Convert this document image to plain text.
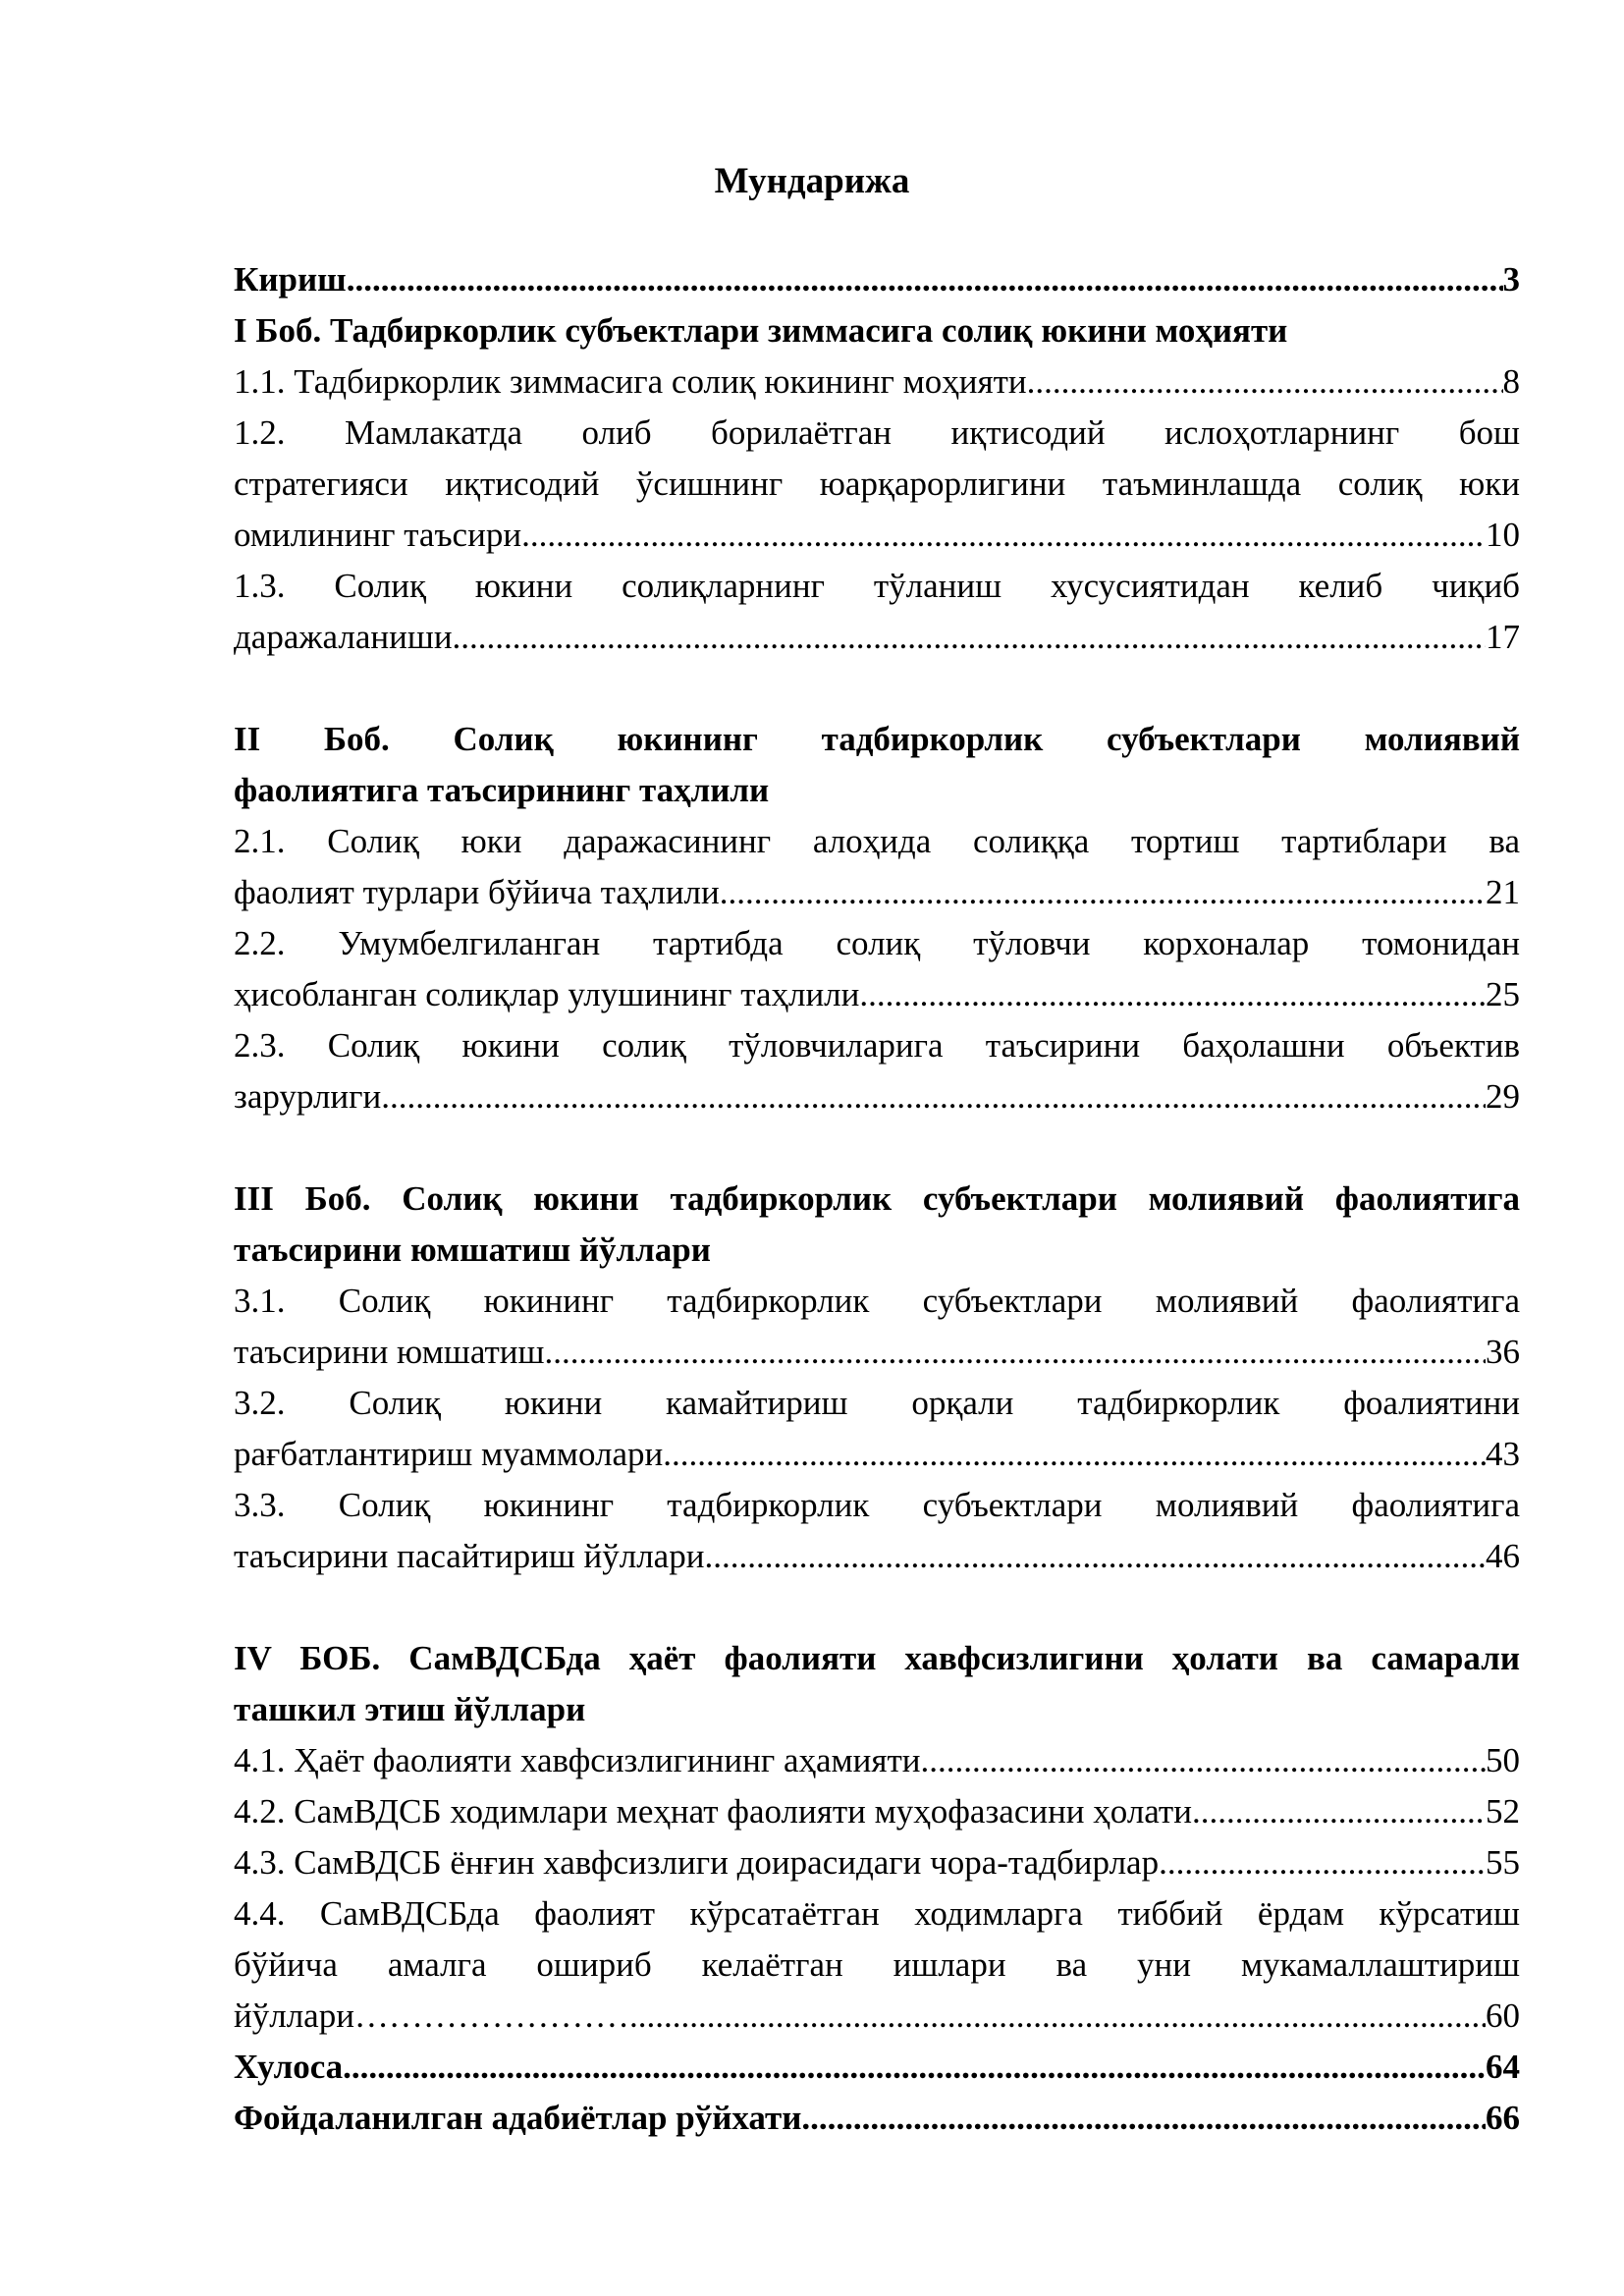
Мундарижа
Кириш .....	3
I Боб. Тадбиркорлик субъектлари зиммасига солиқ юкини моҳияти
1.1. Тадбиркорлик зиммасига солиқ юкининг моҳияти .....	8
1.2. Мамлакатда олиб борилаётган иқтисодий ислоҳотларнинг бош
стратегияси иқтисодий ўсишнинг юарқарорлигини таъминлашда солиқ юки
омилининг таъсири .....	10
1.3. Солиқ юкини солиқларнинг тўланиш хусусиятидан келиб чиқиб
даражаланиши .....	17
II Боб. Солиқ юкининг тадбиркорлик субъектлари молиявий
фаолиятига таъсирининг таҳлили
2.1. Солиқ юки даражасининг алоҳида солиққа тортиш тартиблари ва
фаолият турлари бўйича таҳлили .....	21
2.2. Умумбелгиланган тартибда солиқ тўловчи корхоналар томонидан
ҳисобланган солиқлар улушининг таҳлили .....	25
2.3. Солиқ юкини солиқ тўловчиларига таъсирини баҳолашни объектив
зарурлиги .....	29
III Боб. Солиқ юкини тадбиркорлик субъектлари молиявий фаолиятига
таъсирини юмшатиш йўллари
3.1. Солиқ юкининг тадбиркорлик субъектлари молиявий фаолиятига
таъсирини юмшатиш .....	36
3.2. Солиқ юкини камайтириш орқали тадбиркорлик фоалиятини
рағбатлантириш муаммолари .....	43
3.3. Солиқ юкининг тадбиркорлик субъектлари молиявий фаолиятига
таъсирини пасайтириш йўллари .....	46
IV БОБ. СамВДСБда ҳаёт фаолияти хавфсизлигини ҳолати ва самарали
ташкил этиш йўллари
4.1. Ҳаёт фаолияти хавфсизлигининг аҳамияти .....	50
4.2. СамВДСБ ходимлари меҳнат фаолияти муҳофазасини ҳолати .....	52
4.3. СамВДСБ ёнғин хавфсизлиги доирасидаги чора-тадбирлар .....	55
4.4. СамВДСБда фаолият кўрсатаётган ходимларга тиббий ёрдам кўрсатиш
бўйича амалга ошириб келаётган ишлари ва уни мукамаллаштириш
йўллари…………………… .....	60
Хулоса .....	64
Фойдаланилган адабиётлар рўйхати .....	66
